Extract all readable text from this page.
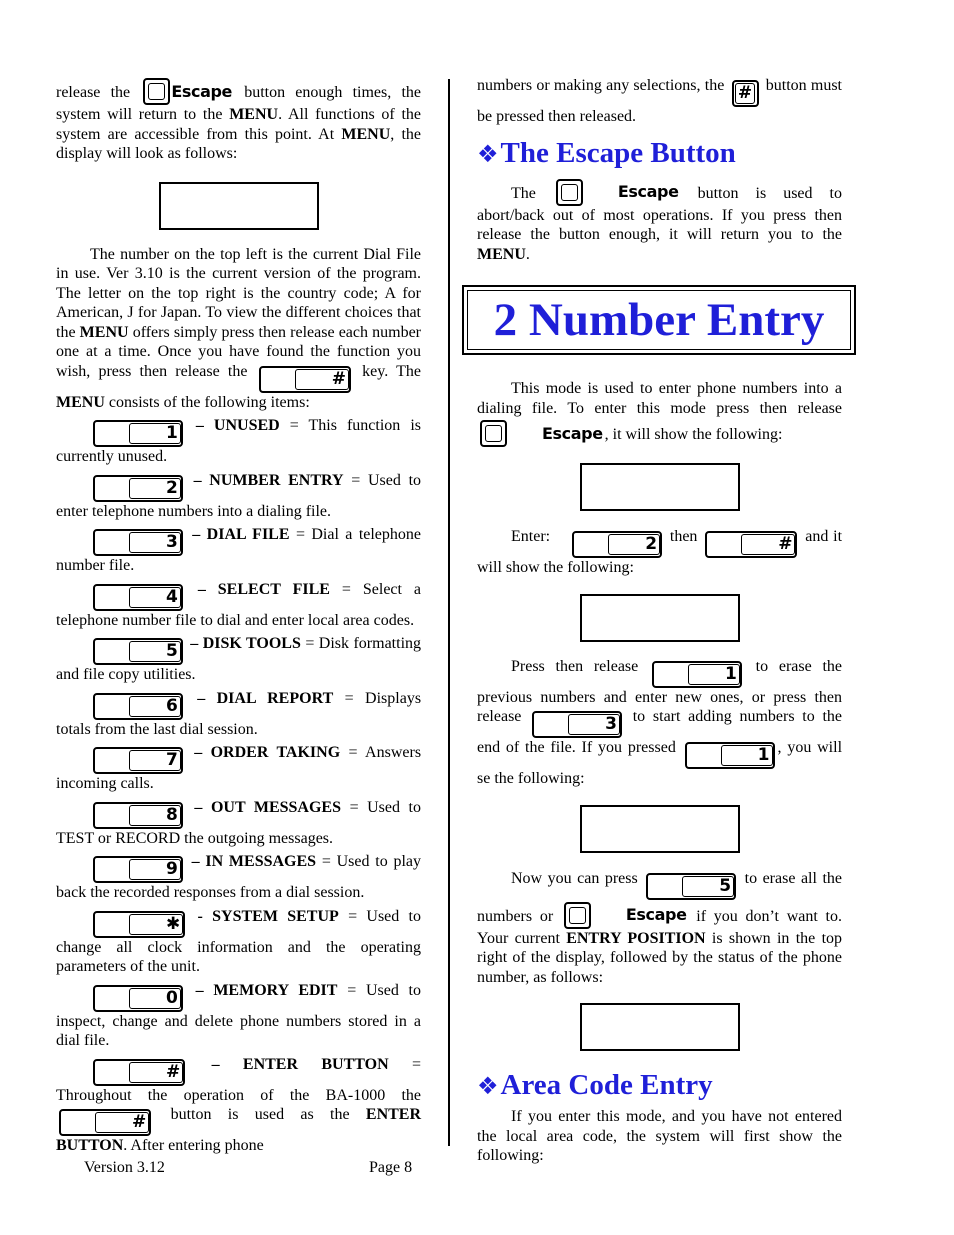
release the	Escape button enough times, the system will return to the MENU. All functions of the system are accessible from this point. At MENU, the display will look as follows:

The number on the top left is the current Dial File in use. Ver 3.10 is the current version of the program. The letter on the top right is the country code; A for American, J for Japan. To view the different choices that the MENU offers simply press then release each number one at a time. Once you have found the function you wish, press then release the	# key. The MENU consists of the following items:

1 – UNUSED = This function is currently unused.

2 – NUMBER ENTRY = Used to enter telephone numbers into a dialing file.

3 – DIAL FILE = Dial a telephone number file.

4 – SELECT FILE = Select a telephone number file to dial and enter local area codes.

5 – DISK TOOLS = Disk formatting and file copy utilities.

6 – DIAL REPORT = Displays totals from the last dial session.

7 – ORDER TAKING = Answers incoming calls.

8 – OUT MESSAGES = Used to TEST or RECORD the outgoing messages.

9 – IN MESSAGES = Used to play back the recorded responses from a dial session.

✱ - SYSTEM SETUP = Used to change all clock information and the operating parameters of the unit.

0 – MEMORY EDIT = Used to inspect, change and delete phone numbers stored in a dial file.

# – ENTER BUTTON = Throughout the operation of the BA-1000 the # button is used as the ENTER BUTTON. After entering phone

numbers or making any selections, the # button must be pressed then released.

❖The Escape Button

The	Escape button is used to abort/back out of most operations. If you press then release the button enough, it will return you to the MENU.

2 Number Entry

This mode is used to enter phone numbers into a dialing file. To enter this mode press then release
Escape , it will show the following:

Enter:	2 then	# and it will show the following:

Press then release	1 to erase the previous numbers and enter new ones, or press then release	3 to start adding numbers to the end of the file. If you pressed	1 , you will se the following:

Now you can press	5 to erase all the numbers or	Escape if you don’t want to. Your current ENTRY POSITION is shown in the top right of the display, followed by the status of the phone number, as follows:

❖Area Code Entry

If you enter this mode, and you have not entered the local area code, the system will first show the following:

Version 3.12	Page 8
